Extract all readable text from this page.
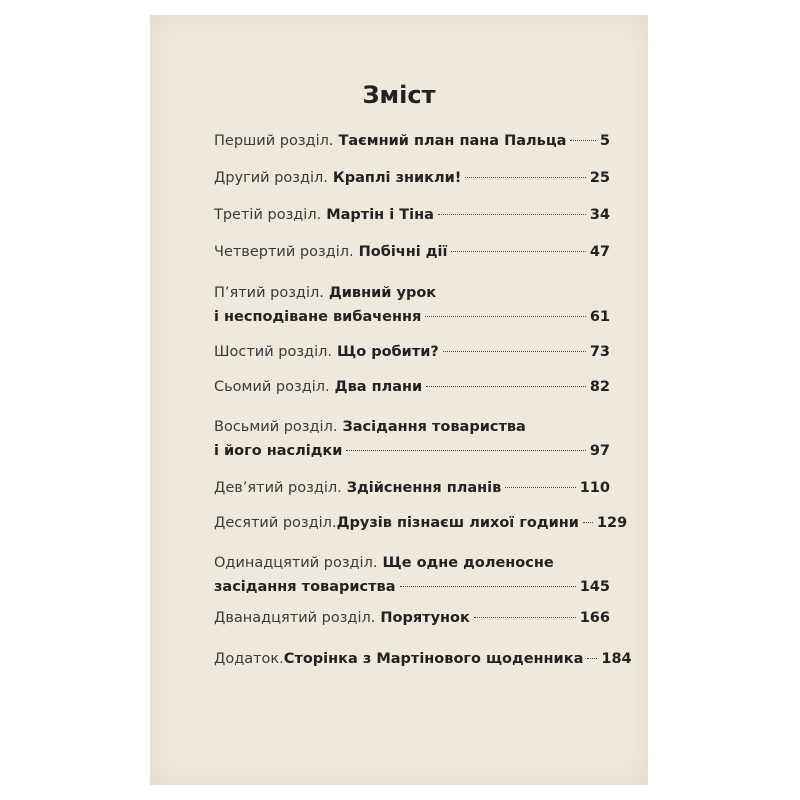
Зміст
Перший розділ. Таємний план пана Пальца 5
Другий розділ. Краплі зникли!	25
Третій розділ. Мартін і Тіна	34
Четвертий розділ. Побічні дії	47
П’ятий розділ. Дивний урок
і несподіване вибачення	61
Шостий розділ. Що робити?	73
Сьомий розділ. Два плани	82
Восьмий розділ. Засідання товариства
і його наслідки	97
Дев’ятий розділ. Здійснення планів	110
Десятий розділ. Друзів пізнаєш лихої години 129
Одинадцятий розділ. Ще одне доленосне
засідання товариства	145
Дванадцятий розділ. Порятунок	166
Додаток. Сторінка з Мартінового щоденника 184
